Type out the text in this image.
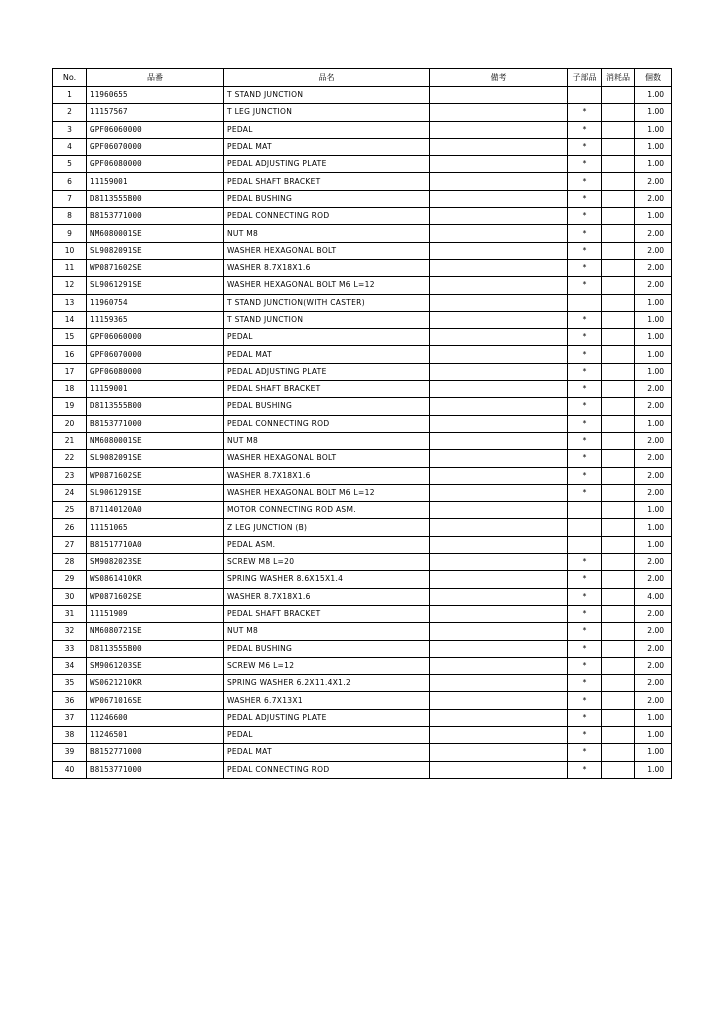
No.	品番	品名	備考	子部品	消耗品	個数
1	11960655	T STAND JUNCTION				1.00
2	11157567	T LEG JUNCTION		*		1.00
3	GPF06060000	PEDAL		*		1.00
4	GPF06070000	PEDAL MAT		*		1.00
5	GPF06080000	PEDAL ADJUSTING PLATE		*		1.00
6	11159001	PEDAL SHAFT BRACKET		*		2.00
7	D8113555B00	PEDAL BUSHING		*		2.00
8	B8153771000	PEDAL CONNECTING ROD		*		1.00
9	NM6080001SE	NUT M8		*		2.00
10	SL9082091SE	WASHER HEXAGONAL BOLT		*		2.00
11	WP0871602SE	WASHER 8.7X18X1.6		*		2.00
12	SL9061291SE	WASHER HEXAGONAL BOLT M6 L=12		*		2.00
13	11960754	T STAND JUNCTION(WITH CASTER)				1.00
14	11159365	T STAND JUNCTION		*		1.00
15	GPF06060000	PEDAL		*		1.00
16	GPF06070000	PEDAL MAT		*		1.00
17	GPF06080000	PEDAL ADJUSTING PLATE		*		1.00
18	11159001	PEDAL SHAFT BRACKET		*		2.00
19	D8113555B00	PEDAL BUSHING		*		2.00
20	B8153771000	PEDAL CONNECTING ROD		*		1.00
21	NM6080001SE	NUT M8		*		2.00
22	SL9082091SE	WASHER HEXAGONAL BOLT		*		2.00
23	WP0871602SE	WASHER 8.7X18X1.6		*		2.00
24	SL9061291SE	WASHER HEXAGONAL BOLT M6 L=12		*		2.00
25	B71140120A0	MOTOR CONNECTING ROD ASM.				1.00
26	11151065	Z LEG JUNCTION (B)				1.00
27	B81517710A0	PEDAL ASM.				1.00
28	SM9082023SE	SCREW M8 L=20		*		2.00
29	WS0861410KR	SPRING WASHER 8.6X15X1.4		*		2.00
30	WP0871602SE	WASHER 8.7X18X1.6		*		4.00
31	11151909	PEDAL SHAFT BRACKET		*		2.00
32	NM6080721SE	NUT M8		*		2.00
33	D8113555B00	PEDAL BUSHING		*		2.00
34	SM9061203SE	SCREW M6 L=12		*		2.00
35	WS0621210KR	SPRING WASHER 6.2X11.4X1.2		*		2.00
36	WP0671016SE	WASHER 6.7X13X1		*		2.00
37	11246600	PEDAL ADJUSTING PLATE		*		1.00
38	11246501	PEDAL		*		1.00
39	B8152771000	PEDAL MAT		*		1.00
40	B8153771000	PEDAL CONNECTING ROD		*		1.00
